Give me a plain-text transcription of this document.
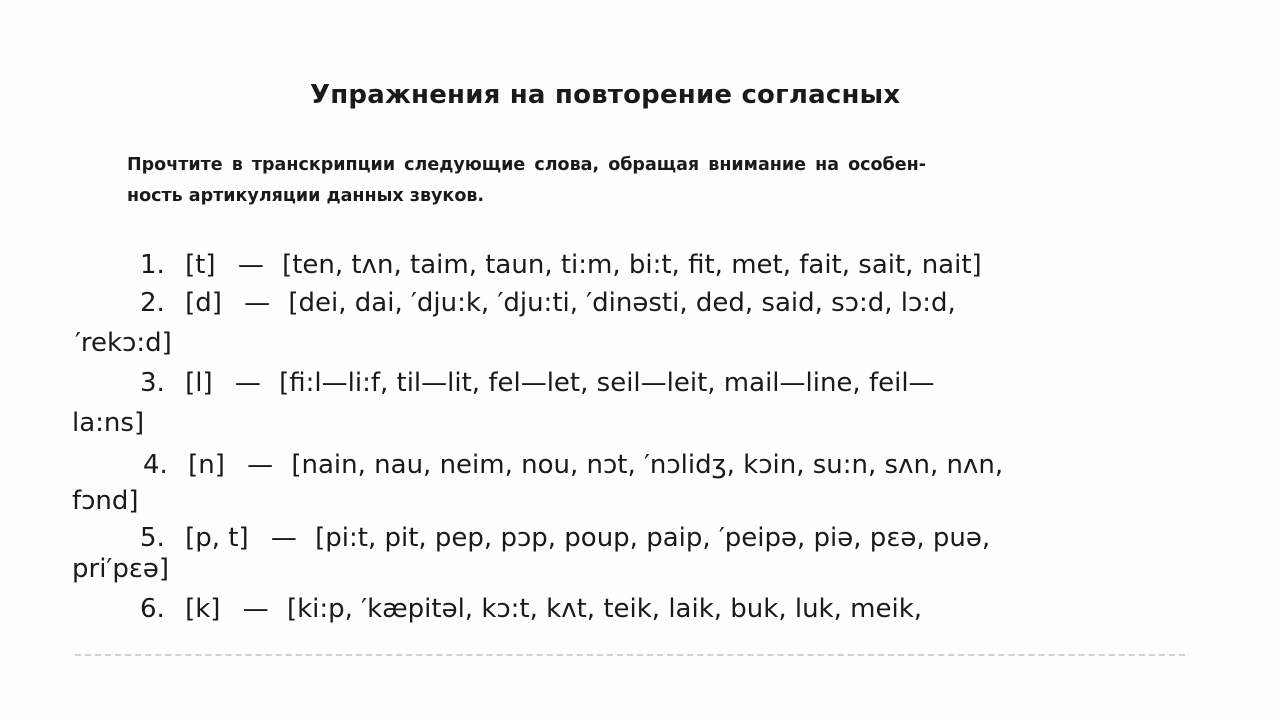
Упражнения на повторение согласных
Прочтите в транскрипции следующие слова, обращая внимание на особен-
ность артикуляции данных звуков.
1. [t] — [ten, tʌn, taim, taun, ti:m, bi:t, fit, met, fait, sait, nait]
2. [d] — [dei, dai, ′dju:k, ′dju:ti, ′dinəsti, ded, said, sɔ:d, lɔ:d,
′rekɔ:d]
3. [l] — [fi:l—li:f, til—lit, fel—let, seil—leit, mail—line, feil—
la:ns]
4. [n] — [nain, nau, neim, nou, nɔt, ′nɔlidʒ, kɔin, su:n, sʌn, nʌn,
fɔnd]
5. [p, t] — [pi:t, pit, pep, pɔp, poup, paip, ′peipə, piə, pɛə, puə,
pri′pɛə]
6. [k] — [ki:p, ′kæpitəl, kɔ:t, kʌt, teik, laik, buk, luk, meik,
